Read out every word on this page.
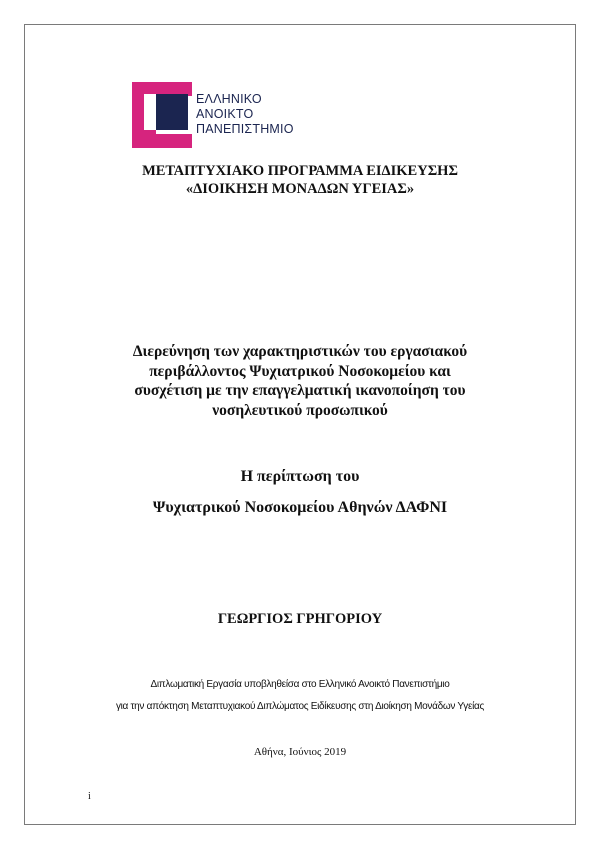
ΕΛΛΗΝΙΚΟ
ΑΝΟΙΚΤΟ
ΠΑΝΕΠΙΣΤΗΜΙΟ
ΜΕΤΑΠΤΥΧΙΑΚΟ ΠΡΟΓΡΑΜΜΑ ΕΙΔΙΚΕΥΣΗΣ
«ΔΙΟΙΚΗΣΗ ΜΟΝΑΔΩΝ ΥΓΕΙΑΣ»
Διερεύνηση των χαρακτηριστικών του εργασιακού
περιβάλλοντος Ψυχιατρικού Νοσοκομείου και
συσχέτιση με την επαγγελματική ικανοποίηση του
νοσηλευτικού προσωπικού
Η περίπτωση του
Ψυχιατρικού Νοσοκομείου Αθηνών ΔΑΦΝΙ
ΓΕΩΡΓΙΟΣ ΓΡΗΓΟΡΙΟΥ
Διπλωματική Εργασία υποβληθείσα στο Ελληνικό Ανοικτό Πανεπιστήμιο
για την απόκτηση Μεταπτυχιακού Διπλώματος Ειδίκευσης στη Διοίκηση Μονάδων Υγείας
Αθήνα, Ιούνιος 2019
i
